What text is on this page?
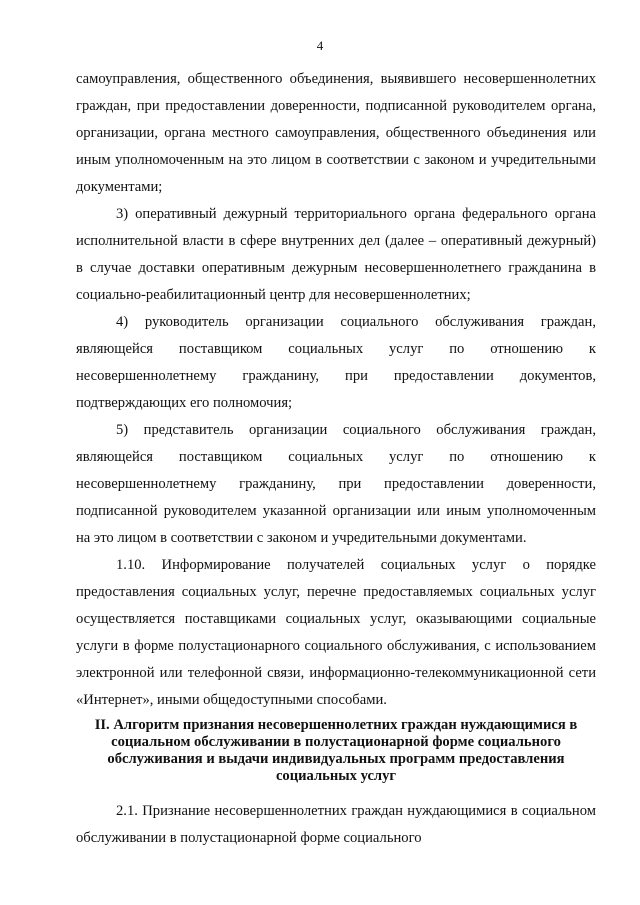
4

самоуправления, общественного объединения, выявившего несовершеннолетних граждан, при предоставлении доверенности, подписанной руководителем органа, организации, органа местного самоуправления, общественного объединения или иным уполномоченным на это лицом в соответствии с законом и учредительными документами;

3) оперативный дежурный территориального органа федерального органа исполнительной власти в сфере внутренних дел (далее – оперативный дежурный) в случае доставки оперативным дежурным несовершеннолетнего гражданина в социально-реабилитационный центр для несовершеннолетних;

4) руководитель организации социального обслуживания граждан, являющейся поставщиком социальных услуг по отношению к несовершеннолетнему гражданину, при предоставлении документов, подтверждающих его полномочия;

5) представитель организации социального обслуживания граждан, являющейся поставщиком социальных услуг по отношению к несовершеннолетнему гражданину, при предоставлении доверенности, подписанной руководителем указанной организации или иным уполномоченным на это лицом в соответствии с законом и учредительными документами.

1.10. Информирование получателей социальных услуг о порядке предоставления социальных услуг, перечне предоставляемых социальных услуг осуществляется поставщиками социальных услуг, оказывающими социальные услуги в форме полустационарного социального обслуживания, с использованием электронной или телефонной связи, информационно-телекоммуникационной сети «Интернет», иными общедоступными способами.

II. Алгоритм признания несовершеннолетних граждан нуждающимися в социальном обслуживании в полустационарной форме социального обслуживания и выдачи индивидуальных программ предоставления социальных услуг

2.1. Признание несовершеннолетних граждан нуждающимися в социальном обслуживании в полустационарной форме социального
